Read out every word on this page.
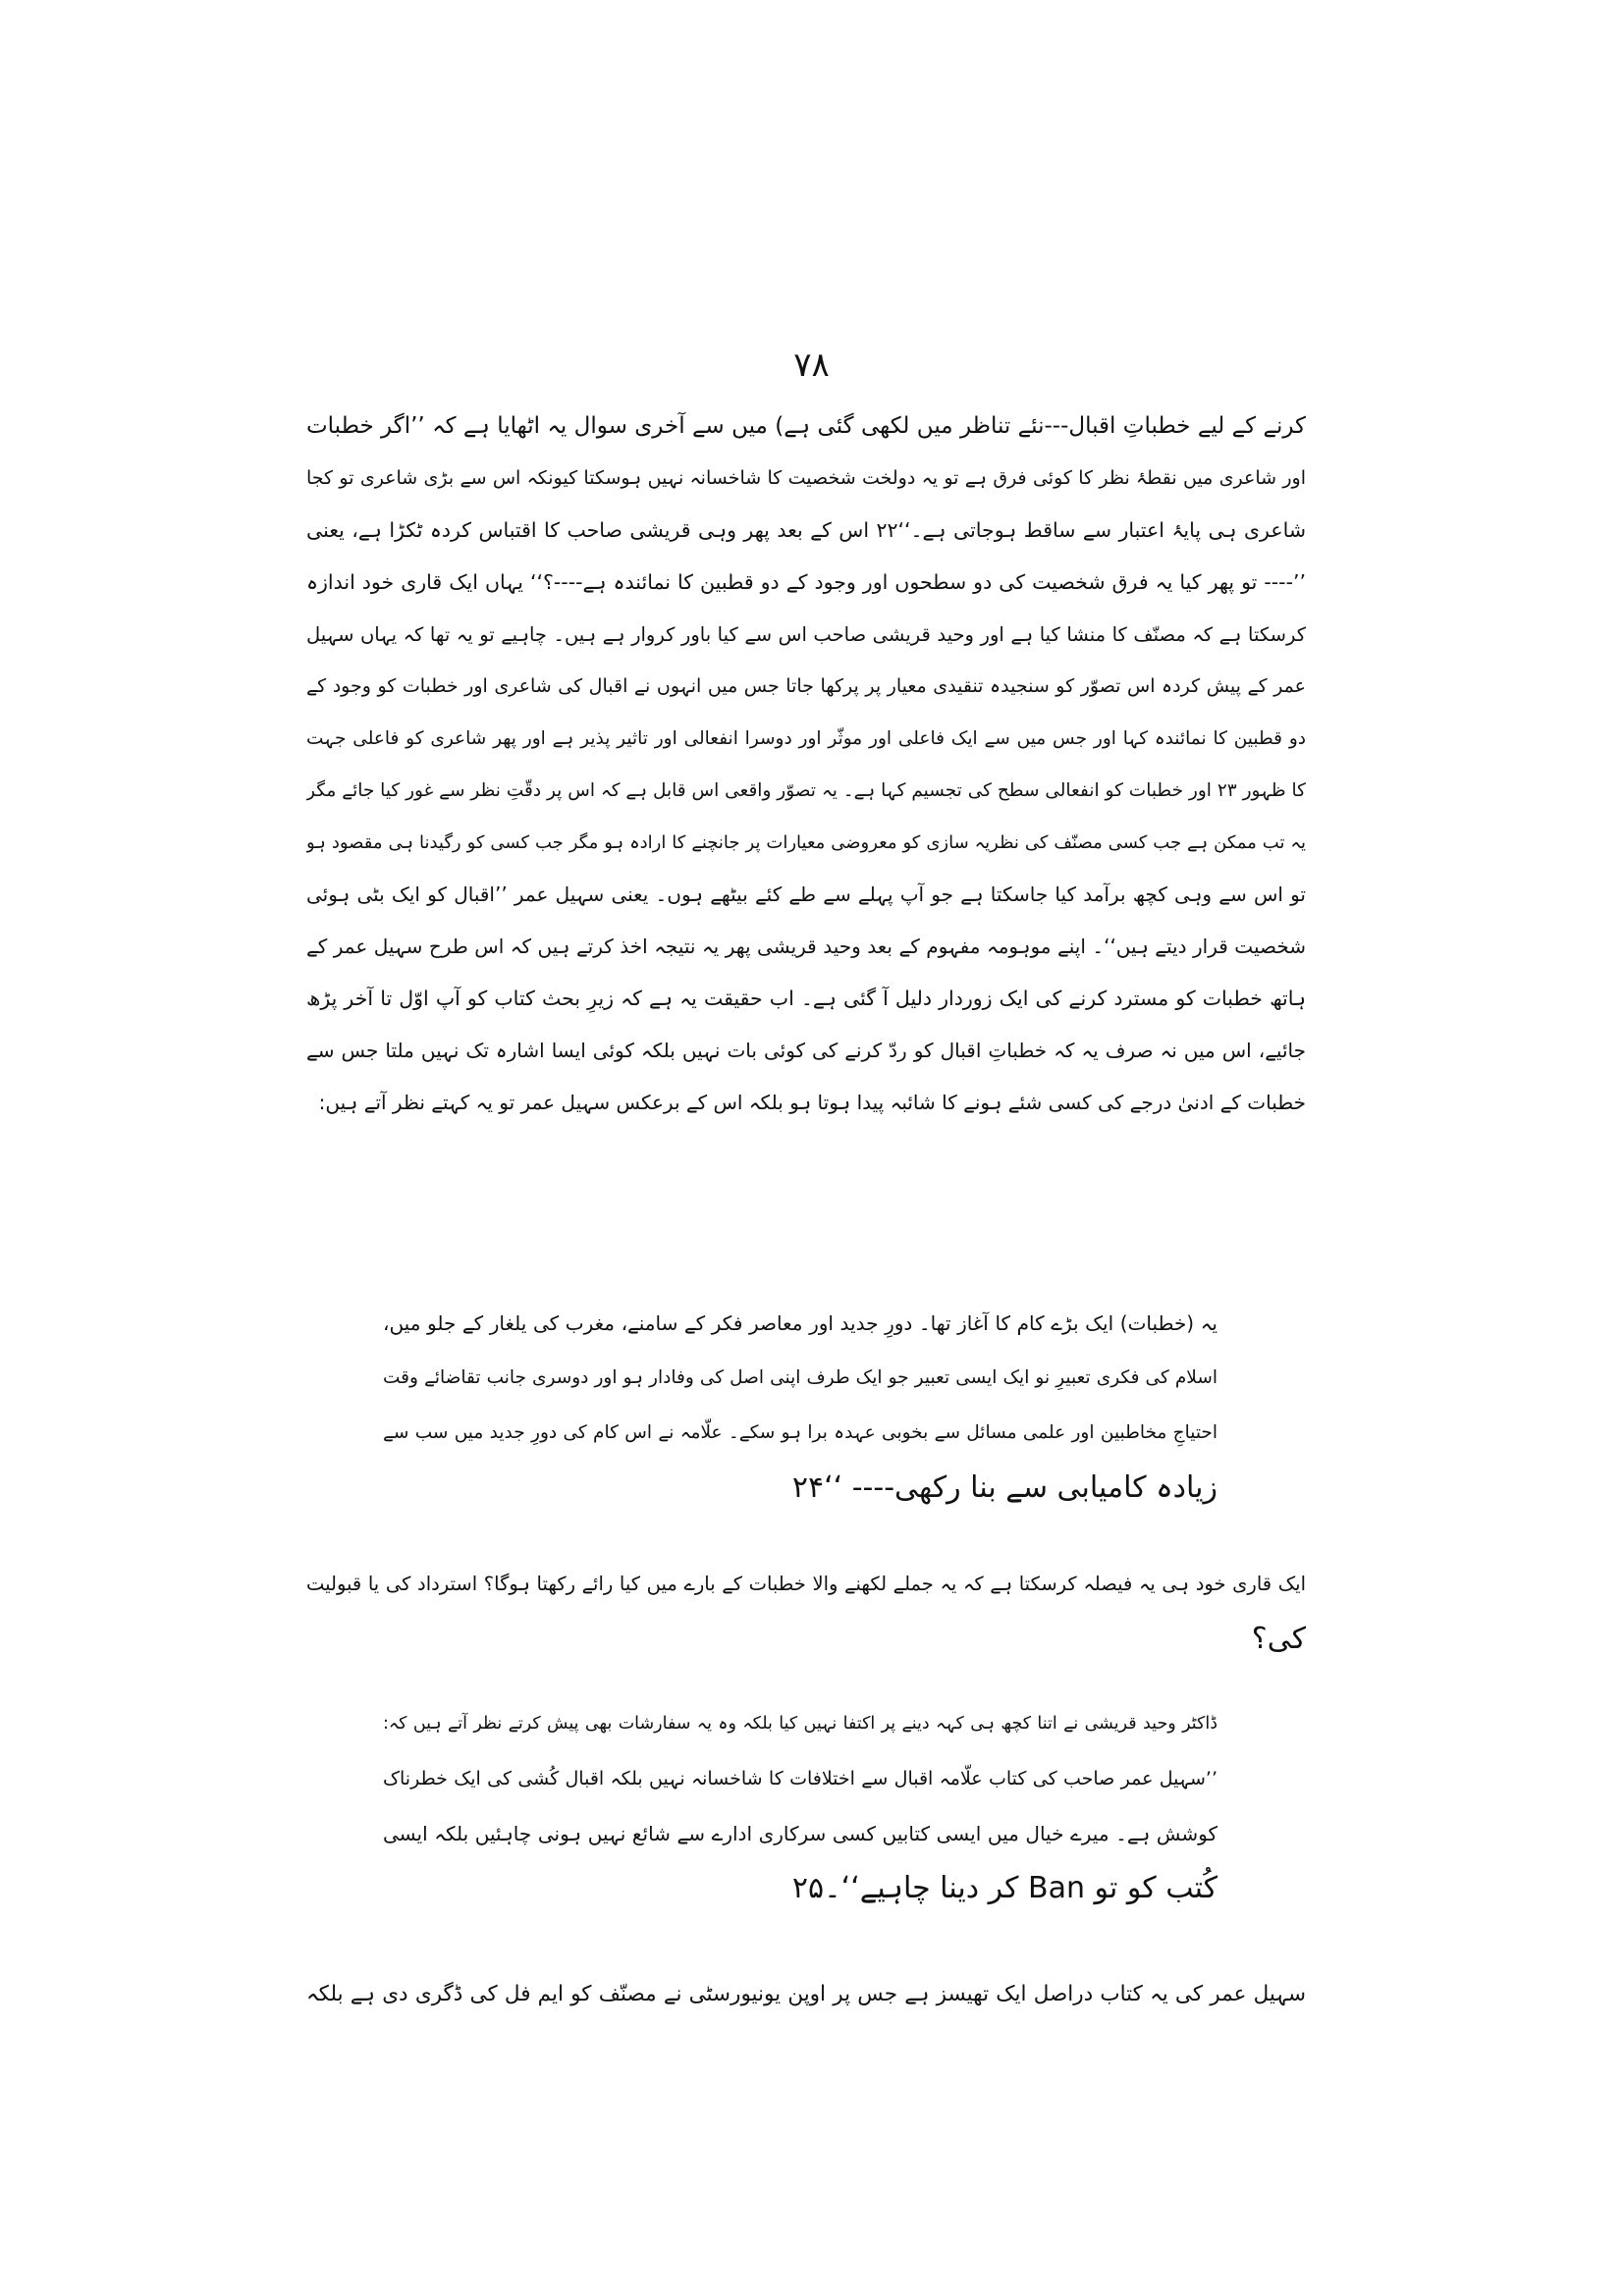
۷۸
کرنے کے لیے خطباتِ اقبال---نئے تناظر میں لکھی گئی ہے) میں سے آخری سوال یہ اٹھایا ہے کہ ’’اگر خطبات
اور شاعری میں نقطۂ نظر کا کوئی فرق ہے تو یہ دولخت شخصیت کا شاخسانہ نہیں ہوسکتا کیونکہ اس سے بڑی شاعری تو کجا
شاعری ہی پایۂ اعتبار سے ساقط ہوجاتی ہے۔‘‘۲۲ اس کے بعد پھر وہی قریشی صاحب کا اقتباس کردہ ٹکڑا ہے، یعنی
’’---- تو پھر کیا یہ فرق شخصیت کی دو سطحوں اور وجود کے دو قطبین کا نمائندہ ہے----؟‘‘ یہاں ایک قاری خود اندازہ
کرسکتا ہے کہ مصنّف کا منشا کیا ہے اور وحید قریشی صاحب اس سے کیا باور کروار ہے ہیں۔ چاہیے تو یہ تھا کہ یہاں سہیل
عمر کے پیش کردہ اس تصوّر کو سنجیدہ تنقیدی معیار پر پرکھا جاتا جس میں انہوں نے اقبال کی شاعری اور خطبات کو وجود کے
دو قطبین کا نمائندہ کہا اور جس میں سے ایک فاعلی اور موثّر اور دوسرا انفعالی اور تاثیر پذیر ہے اور پھر شاعری کو فاعلی جہت
کا ظہور ۲۳ اور خطبات کو انفعالی سطح کی تجسیم کہا ہے۔ یہ تصوّر واقعی اس قابل ہے کہ اس پر دقّتِ نظر سے غور کیا جائے مگر
یہ تب ممکن ہے جب کسی مصنّف کی نظریہ سازی کو معروضی معیارات پر جانچنے کا ارادہ ہو مگر جب کسی کو رگیدنا ہی مقصود ہو
تو اس سے وہی کچھ برآمد کیا جاسکتا ہے جو آپ پہلے سے طے کئے بیٹھے ہوں۔ یعنی سہیل عمر ’’اقبال کو ایک بٹی ہوئی
شخصیت قرار دیتے ہیں‘‘۔ اپنے موہومہ مفہوم کے بعد وحید قریشی پھر یہ نتیجہ اخذ کرتے ہیں کہ اس طرح سہیل عمر کے
ہاتھ خطبات کو مسترد کرنے کی ایک زوردار دلیل آ گئی ہے۔ اب حقیقت یہ ہے کہ زیرِ بحث کتاب کو آپ اوّل تا آخر پڑھ
جائیے، اس میں نہ صرف یہ کہ خطباتِ اقبال کو ردّ کرنے کی کوئی بات نہیں بلکہ کوئی ایسا اشارہ تک نہیں ملتا جس سے
خطبات کے ادنیٰ درجے کی کسی شئے ہونے کا شائبہ پیدا ہوتا ہو بلکہ اس کے برعکس سہیل عمر تو یہ کہتے نظر آتے ہیں:
یہ (خطبات) ایک بڑے کام کا آغاز تھا۔ دورِ جدید اور معاصر فکر کے سامنے، مغرب کی یلغار کے جلو میں،
اسلام کی فکری تعبیرِ نو ایک ایسی تعبیر جو ایک طرف اپنی اصل کی وفادار ہو اور دوسری جانب تقاضائے وقت
احتیاجِ مخاطبین اور علمی مسائل سے بخوبی عہدہ برا ہو سکے۔ علّامہ نے اس کام کی دورِ جدید میں سب سے
زیادہ کامیابی سے بنا رکھی---- ‘‘۲۴
ایک قاری خود ہی یہ فیصلہ کرسکتا ہے کہ یہ جملے لکھنے والا خطبات کے بارے میں کیا رائے رکھتا ہوگا؟ استرداد کی یا قبولیت
کی؟
ڈاکٹر وحید قریشی نے اتنا کچھ ہی کہہ دینے پر اکتفا نہیں کیا بلکہ وہ یہ سفارشات بھی پیش کرتے نظر آتے ہیں کہ:
’’سہیل عمر صاحب کی کتاب علّامہ اقبال سے اختلافات کا شاخسانہ نہیں بلکہ اقبال کُشی کی ایک خطرناک
کوشش ہے۔ میرے خیال میں ایسی کتابیں کسی سرکاری ادارے سے شائع نہیں ہونی چاہئیں بلکہ ایسی
کُتب کو تو Ban کر دینا چاہیے‘‘۔۲۵
سہیل عمر کی یہ کتاب دراصل ایک تھیسز ہے جس پر اوپن یونیورسٹی نے مصنّف کو ایم فل کی ڈگری دی ہے بلکہ
